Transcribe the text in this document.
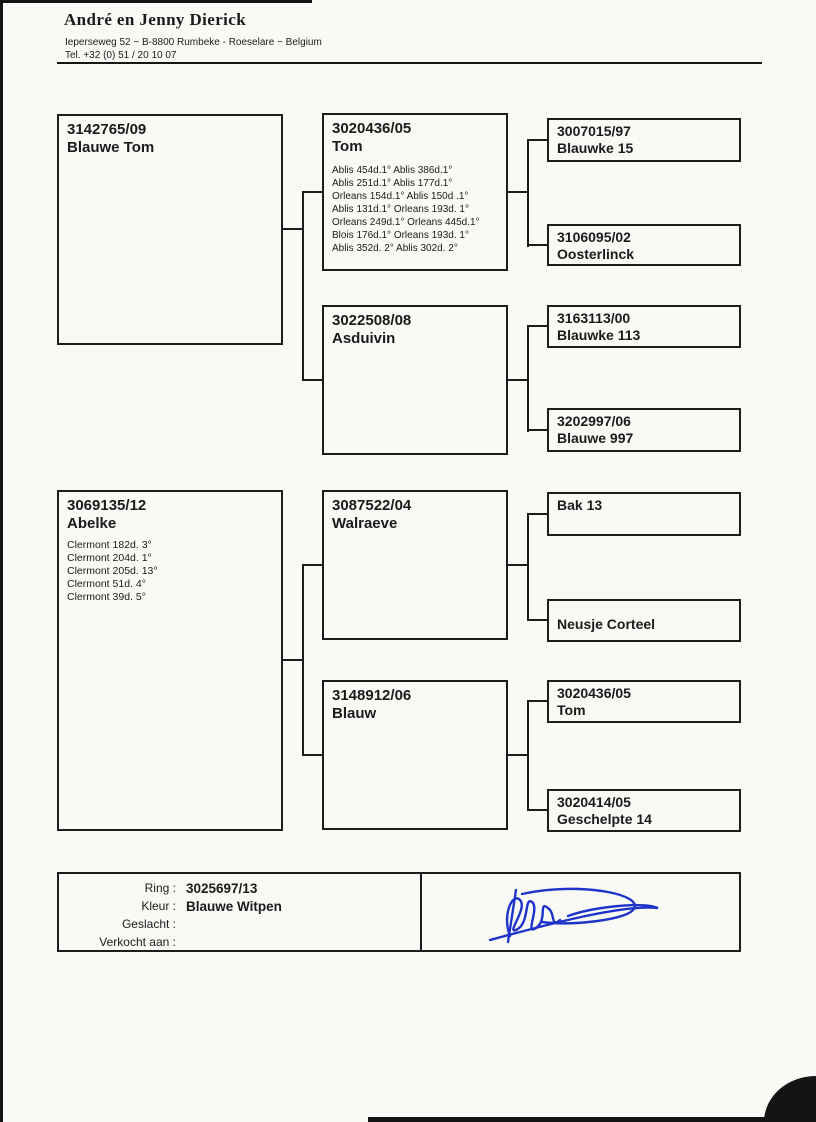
André en Jenny Dierick
Ieperseweg 52 ~ B-8800 Rumbeke - Roeselare ~ Belgium
Tel. +32 (0) 51 / 20 10 07
3142765/09
Blauwe Tom
3069135/12
Abelke
Clermont 182d. 3°
Clermont 204d. 1°
Clermont 205d. 13°
Clermont 51d. 4°
Clermont 39d. 5°
3020436/05
Tom
Ablis 454d.1° Ablis 386d.1°
Ablis 251d.1° Ablis 177d.1°
Orleans 154d.1° Ablis 150d .1°
Ablis 131d.1° Orleans 193d. 1°
Orleans 249d.1° Orleans 445d.1°
Blois 176d.1° Orleans 193d. 1°
Ablis 352d. 2° Ablis 302d. 2°
3022508/08
Asduivin
3087522/04
Walraeve
3148912/06
Blauw
3007015/97
Blauwke 15
3106095/02
Oosterlinck
3163113/00
Blauwke 113
3202997/06
Blauwe 997
Bak 13
Neusje Corteel
3020436/05
Tom
3020414/05
Geschelpte 14
Ring : 3025697/13
Kleur : Blauwe Witpen
Geslacht :
Verkocht aan :
